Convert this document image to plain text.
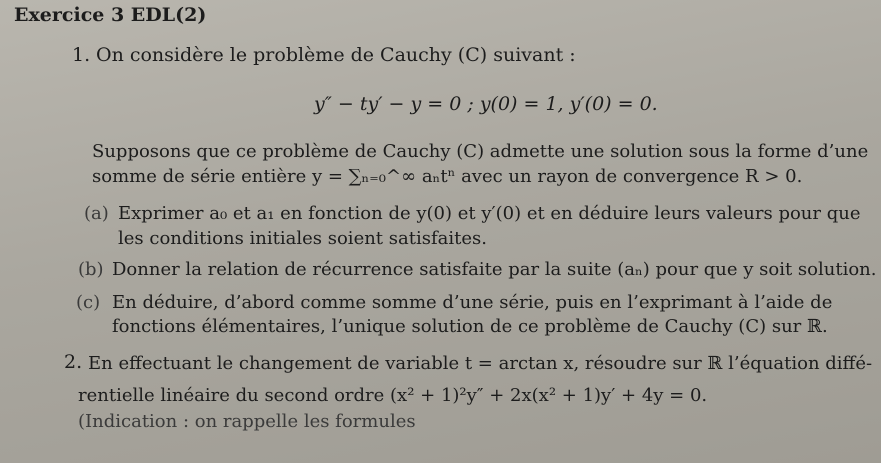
Exercice 3 EDL(2)
1. On considère le problème de Cauchy (C) suivant :
y″ − ty′ − y = 0 ; y(0) = 1, y′(0) = 0.
Supposons que ce problème de Cauchy (C) admette une solution sous la forme d’une
somme de série entière y = ∑ₙ₌₀^∞ aₙtⁿ avec un rayon de convergence R > 0.
(a) Exprimer a₀ et a₁ en fonction de y(0) et y′(0) et en déduire leurs valeurs pour que
les conditions initiales soient satisfaites.
(b) Donner la relation de récurrence satisfaite par la suite (aₙ) pour que y soit solution.
(c) En déduire, d’abord comme somme d’une série, puis en l’exprimant à l’aide de
fonctions élémentaires, l’unique solution de ce problème de Cauchy (C) sur ℝ.
2. En effectuant le changement de variable t = arctan x, résoudre sur ℝ l’équation diffé-
rentielle linéaire du second ordre (x² + 1)²y″ + 2x(x² + 1)y′ + 4y = 0.
(Indication : on rappelle les formules
